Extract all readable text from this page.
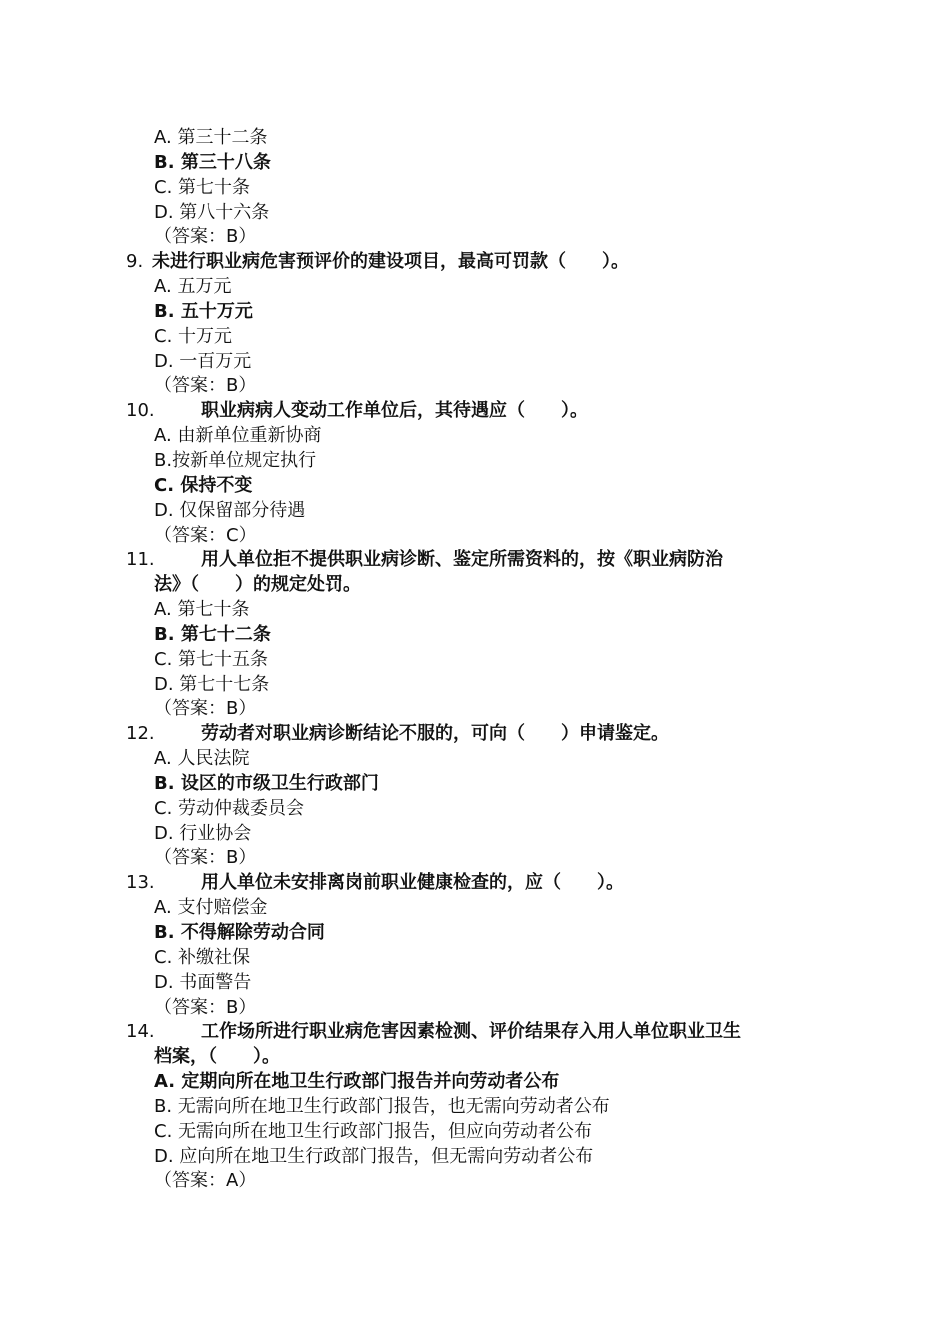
A. 第三十二条
B. 第三十八条
C. 第七十条
D. 第八十六条
（答案：B）
9. 未进行职业病危害预评价的建设项目，最高可罚款（　　）。
A. 五万元
B. 五十万元
C. 十万元
D. 一百万元
（答案：B）
10.	职业病病人变动工作单位后，其待遇应（　　）。
A. 由新单位重新协商
B.按新单位规定执行
C. 保持不变
D. 仅保留部分待遇
（答案：C）
11.	用人单位拒不提供职业病诊断、鉴定所需资料的，按《职业病防治
法》（　　）的规定处罚。
A. 第七十条
B. 第七十二条
C. 第七十五条
D. 第七十七条
（答案：B）
12.	劳动者对职业病诊断结论不服的，可向（　　）申请鉴定。
A. 人民法院
B. 设区的市级卫生行政部门
C. 劳动仲裁委员会
D. 行业协会
（答案：B）
13.	用人单位未安排离岗前职业健康检查的，应（　　）。
A. 支付赔偿金
B. 不得解除劳动合同
C. 补缴社保
D. 书面警告
（答案：B）
14.	工作场所进行职业病危害因素检测、评价结果存入用人单位职业卫生
档案，（　　）。
A. 定期向所在地卫生行政部门报告并向劳动者公布
B. 无需向所在地卫生行政部门报告，也无需向劳动者公布
C. 无需向所在地卫生行政部门报告，但应向劳动者公布
D. 应向所在地卫生行政部门报告，但无需向劳动者公布
（答案：A）
